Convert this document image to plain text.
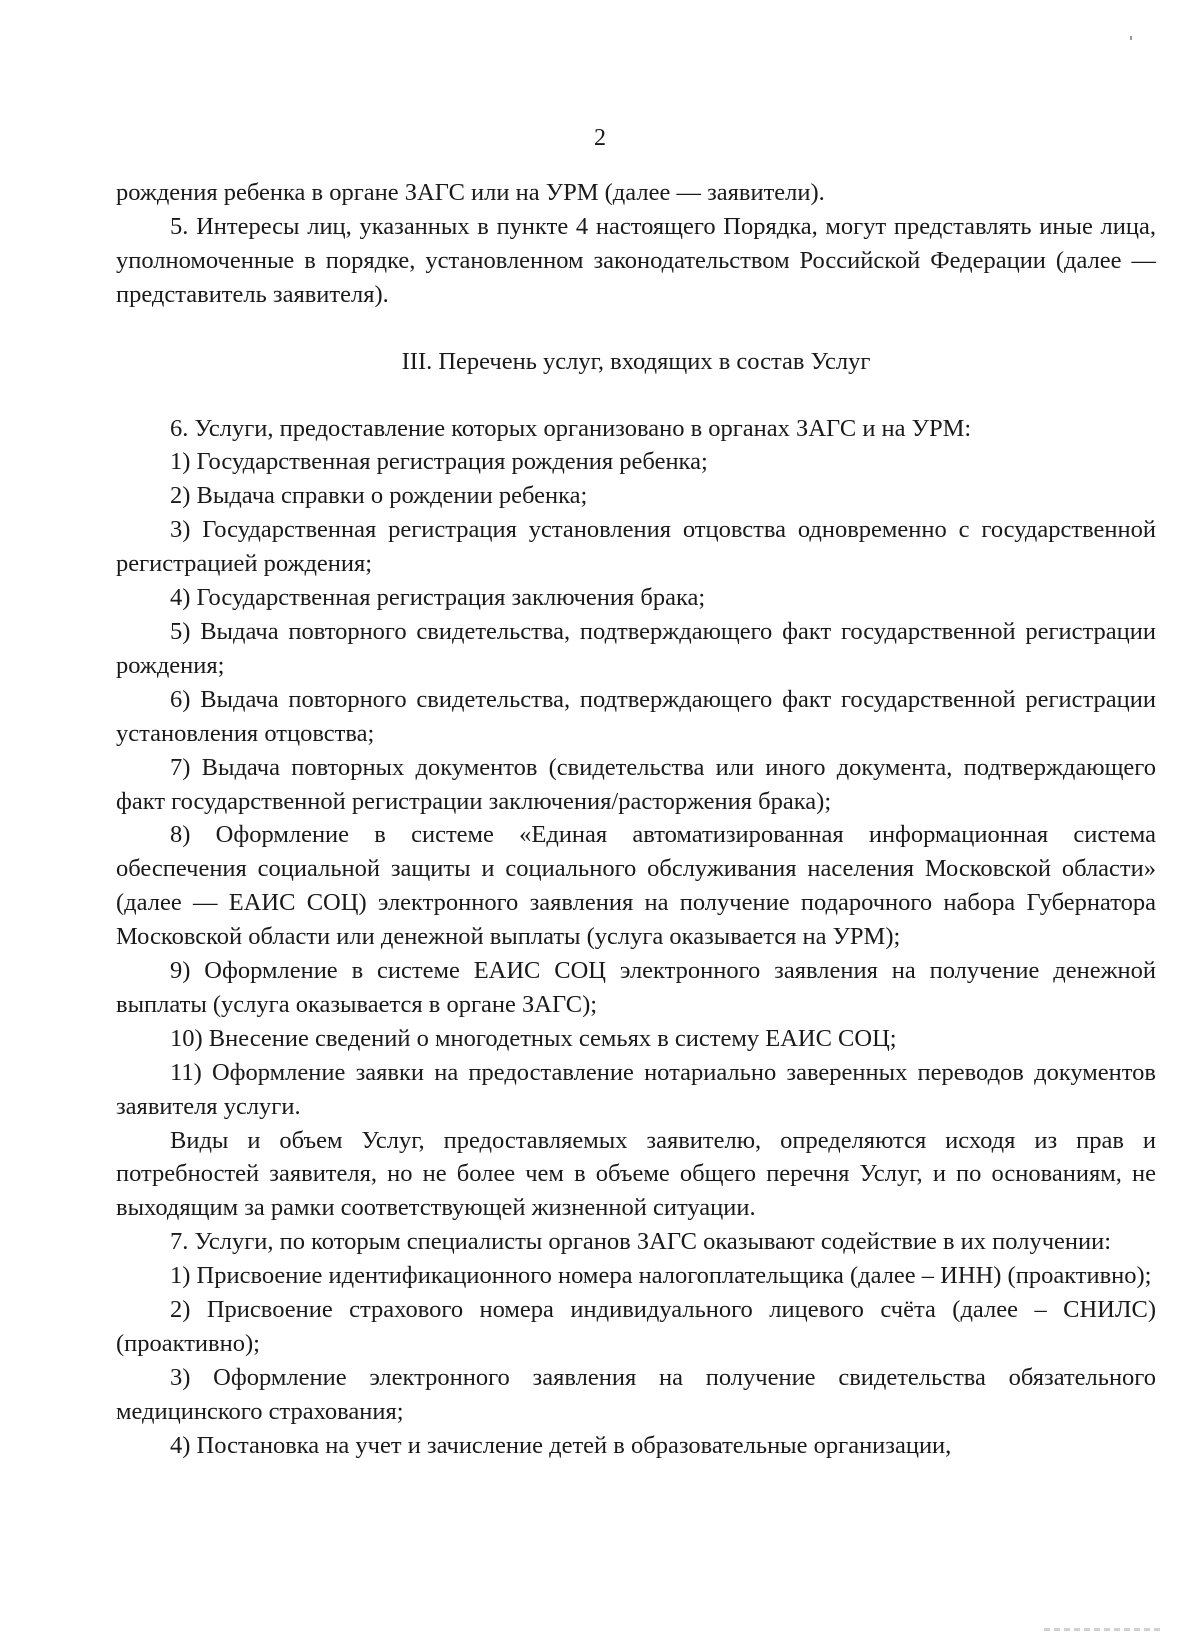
2

рождения ребенка в органе ЗАГС или на УРМ (далее — заявители).

5. Интересы лиц, указанных в пункте 4 настоящего Порядка, могут представлять иные лица, уполномоченные в порядке, установленном законодательством Российской Федерации (далее — представитель заявителя).

III. Перечень услуг, входящих в состав Услуг

6. Услуги, предоставление которых организовано в органах ЗАГС и на УРМ:

1) Государственная регистрация рождения ребенка;

2) Выдача справки о рождении ребенка;

3) Государственная регистрация установления отцовства одновременно с государственной регистрацией рождения;

4) Государственная регистрация заключения брака;

5) Выдача повторного свидетельства, подтверждающего факт государственной регистрации рождения;

6) Выдача повторного свидетельства, подтверждающего факт государственной регистрации установления отцовства;

7) Выдача повторных документов (свидетельства или иного документа, подтверждающего факт государственной регистрации заключения/расторжения брака);

8) Оформление в системе «Единая автоматизированная информационная система обеспечения социальной защиты и социального обслуживания населения Московской области» (далее — ЕАИС СОЦ) электронного заявления на получение подарочного набора Губернатора Московской области или денежной выплаты (услуга оказывается на УРМ);

9) Оформление в системе ЕАИС СОЦ электронного заявления на получение денежной выплаты (услуга оказывается в органе ЗАГС);

10) Внесение сведений о многодетных семьях в систему ЕАИС СОЦ;

11) Оформление заявки на предоставление нотариально заверенных переводов документов заявителя услуги.

Виды и объем Услуг, предоставляемых заявителю, определяются исходя из прав и потребностей заявителя, но не более чем в объеме общего перечня Услуг, и по основаниям, не выходящим за рамки соответствующей жизненной ситуации.

7. Услуги, по которым специалисты органов ЗАГС оказывают содействие в их получении:

1) Присвоение идентификационного номера налогоплательщика (далее – ИНН) (проактивно);

2) Присвоение страхового номера индивидуального лицевого счёта (далее – СНИЛС) (проактивно);

3) Оформление электронного заявления на получение свидетельства обязательного медицинского страхования;

4) Постановка на учет и зачисление детей в образовательные организации,
